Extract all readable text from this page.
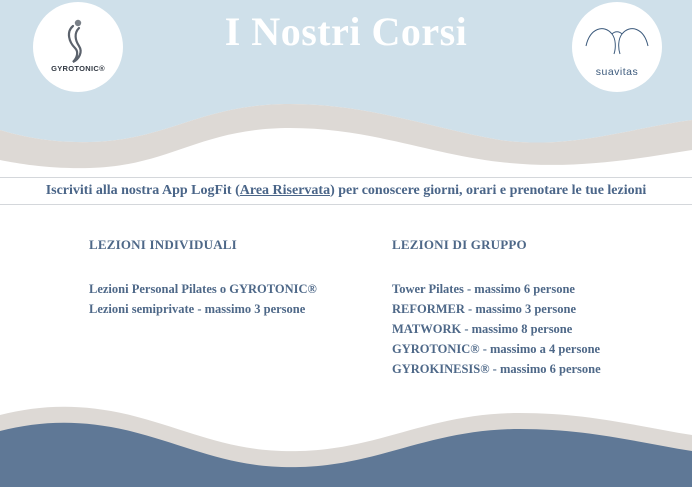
I Nostri Corsi
GYROTONIC®	suavitas
Iscriviti alla nostra App LogFit ( Area Riservata ) per conoscere giorni, orari e prenotare le tue lezioni
LEZIONI INDIVIDUALI
Lezioni Personal Pilates o GYROTONIC®
Lezioni semiprivate - massimo 3 persone
LEZIONI DI GRUPPO
Tower Pilates - massimo 6 persone
REFORMER - massimo 3 persone
MATWORK - massimo 8 persone
GYROTONIC® - massimo a 4 persone
GYROKINESIS® - massimo 6 persone
